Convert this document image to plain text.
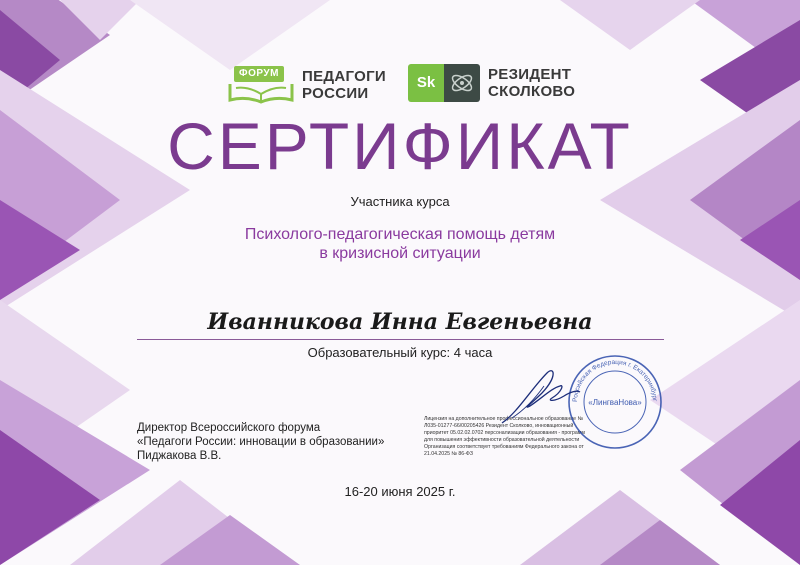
ФОРУМ	ПЕДАГОГИ
РОССИИ
Sk	РЕЗИДЕНТ
СКОЛКОВО
СЕРТИФИКАТ
Участника курса
Психолого-педагогическая помощь детям
в кризисной ситуации
Иванникова Инна Евгеньевна
Образовательный курс: 4 часа
Директор Всероссийского форума
«Педагоги России: инновации в образовании»
Пиджакова В.В.
Лицензия на дополнительное профессиональное образование №
Л035-01277-66/00205426 Резидент Сколково, инновационный
приоритет 05.02.02.0702 персонализации образования - программ
для повышения эффективности образовательной деятельности
Организация соответствует требованиям Федерального закона от
21.04.2025 № 86-ФЗ
Российская Федерация г. Екатеринбург
«ЛингваНова»
16-20 июня 2025 г.
